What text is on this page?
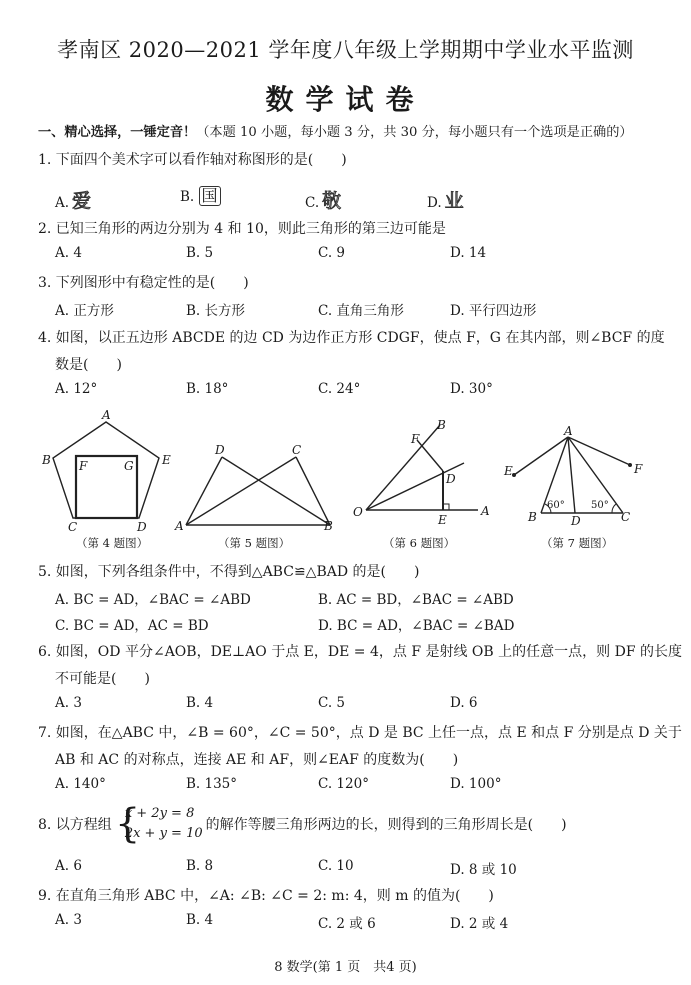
孝南区 2020—2021 学年度八年级上学期期中学业水平监测
数学试卷
一、精心选择，一锤定音！（本题 10 小题，每小题 3 分，共 30 分，每小题只有一个选项是正确的）
1. 下面四个美术字可以看作轴对称图形的是(　　)
A. 爱	B. 国	C. 敬	D. 业
2. 已知三角形的两边分别为 4 和 10，则此三角形的第三边可能是
A. 4	B. 5	C. 9	D. 14
3. 下列图形中有稳定性的是(　　)
A. 正方形	B. 长方形	C. 直角三角形	D. 平行四边形
4. 如图，以正五边形 ABCDE 的边 CD 为边作正方形 CDGF，使点 F，G 在其内部，则∠BCF 的度
数是(　　)
A. 12°	B. 18°	C. 24°	D. 30°
A
B	E
F	G
C	D
（第 4 题图）
D	C
A	B
（第 5 题图）
B
F
D
O
E
A
（第 6 题图）
A
E	F
B	D	C
60°	50°
（第 7 题图）
5. 如图，下列各组条件中，不得到△ABC≌△BAD 的是(　　)
A. BC = AD，∠BAC = ∠ABD	B. AC = BD，∠BAC = ∠ABD
C. BC = AD，AC = BD	D. BC = AD，∠BAC = ∠BAD
6. 如图，OD 平分∠AOB，DE⊥AO 于点 E，DE = 4，点 F 是射线 OB 上的任意一点，则 DF 的长度
不可能是(　　)
A. 3	B. 4	C. 5	D. 6
7. 如图，在△ABC 中，∠B = 60°，∠C = 50°，点 D 是 BC 上任一点，点 E 和点 F 分别是点 D 关于
AB 和 AC 的对称点，连接 AE 和 AF，则∠EAF 的度数为(　　)
A. 140°	B. 135°	C. 120°	D. 100°
8. 以方程组 {
x + 2y = 8
2x + y = 10
的解作等腰三角形两边的长，则得到的三角形周长是(　　)
A. 6	B. 8	C. 10	D. 8 或 10
9. 在直角三角形 ABC 中，∠A: ∠B: ∠C = 2: m: 4，则 m 的值为(　　)
A. 3	B. 4	C. 2 或 6	D. 2 或 4
8 数学(第 1 页　共4 页)
